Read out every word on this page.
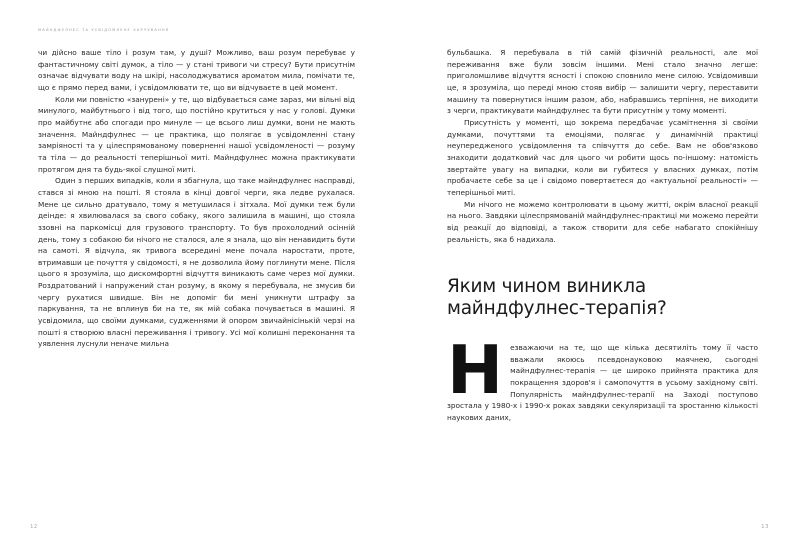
МАЙНДФУЛНЕС ТА УСВІДОМЛЕНЕ ХАРЧУВАННЯ

чи дійсно ваше тіло і розум там, у душі? Можливо, ваш розум перебуває у фантастичному світі думок, а тіло — у стані тривоги чи стресу? Бути присутнім означає відчувати воду на шкірі, насолоджуватися ароматом мила, помічати те, що є прямо перед вами, і усвідомлювати те, що ви відчуваєте в цей момент.

Коли ми повністю «занурені» у те, що відбувається саме зараз, ми вільні від минулого, майбутнього і від того, що постійно крутиться у нас у голові. Думки про майбутнє або спогади про минуле — це всього лиш думки, вони не мають значення. Майндфулнес — це практика, що полягає в усвідомленні стану замріяності та у цілеспрямованому поверненні нашої усвідомленості — розуму та тіла — до реальності теперішньої миті. Майндфулнес можна практикувати протягом дня та будь-якої слушної миті.

Один з перших випадків, коли я збагнула, що таке майндфулнес насправді, стався зі мною на пошті. Я стояла в кінці довгої черги, яка ледве рухалася. Мене це сильно дратувало, тому я метушилася і зітхала. Мої думки теж були деінде: я хвилювалася за свого собаку, якого залишила в машині, що стояла ззовні на паркомісці для грузового транспорту. То був прохолодний осінній день, тому з собакою би нічого не сталося, але я знала, що він ненавидить бути на самоті. Я відчула, як тривога всередині мене почала наростати, проте, втримавши це почуття у свідомості, я не дозволила йому поглинути мене. Після цього я зрозуміла, що дискомфортні відчуття виникають саме через мої думки. Роздратований і напружений стан розуму, в якому я перебувала, не змусив би чергу рухатися швидше. Він не допоміг би мені уникнути штрафу за паркування, та не вплинув би на те, як мій собака почувається в машині. Я усвідомила, що своїми думками, судженнями й опором звичайнісінькій черзі на пошті я створюю власні переживання і тривогу. Усі мої колишні переконання та уявлення луснули неначе мильна

12

бульбашка. Я перебувала в тій самій фізичній реальності, але мої переживання вже були зовсім іншими. Мені стало значно легше: приголомшливе відчуття ясності і спокою сповнило мене силою. Усвідомивши це, я зрозуміла, що переді мною стояв вибір — залишити чергу, переставити машину та повернутися іншим разом, або, набравшись терпіння, не виходити з черги, практикувати майндфулнес та бути присутнім у тому моменті.

Присутність у моменті, що зокрема передбачає усамітнення зі своїми думками, почуттями та емоціями, полягає у динамічній практиці неупередженого усвідомлення та співчуття до себе. Вам не обов'язково знаходити додатковий час для цього чи робити щось по-іншому: натомість звертайте увагу на випадки, коли ви губитеся у власних думках, потім пробачаєте себе за це і свідомо повертаєтеся до «актуальної реальності» — теперішньої миті.

Ми нічого не можемо контролювати в цьому житті, окрім власної реакції на нього. Завдяки цілеспрямованій майндфулнес-практиці ми можемо перейти від реакції до відповіді, а також створити для себе набагато спокійнішу реальність, яка б надихала.

Яким чином виникла майндфулнес-терапія?

Незважаючи на те, що ще кілька десятиліть тому її часто вважали якоюсь псевдонауковою маячнею, сьогодні майндфулнес-терапія — це широко прийнята практика для покращення здоров'я і самопочуття в усьому західному світі. Популярність майндфулнес-терапії на Заході поступово зростала у 1980-х і 1990-х роках завдяки секуляризації та зростанню кількості наукових даних,

13
